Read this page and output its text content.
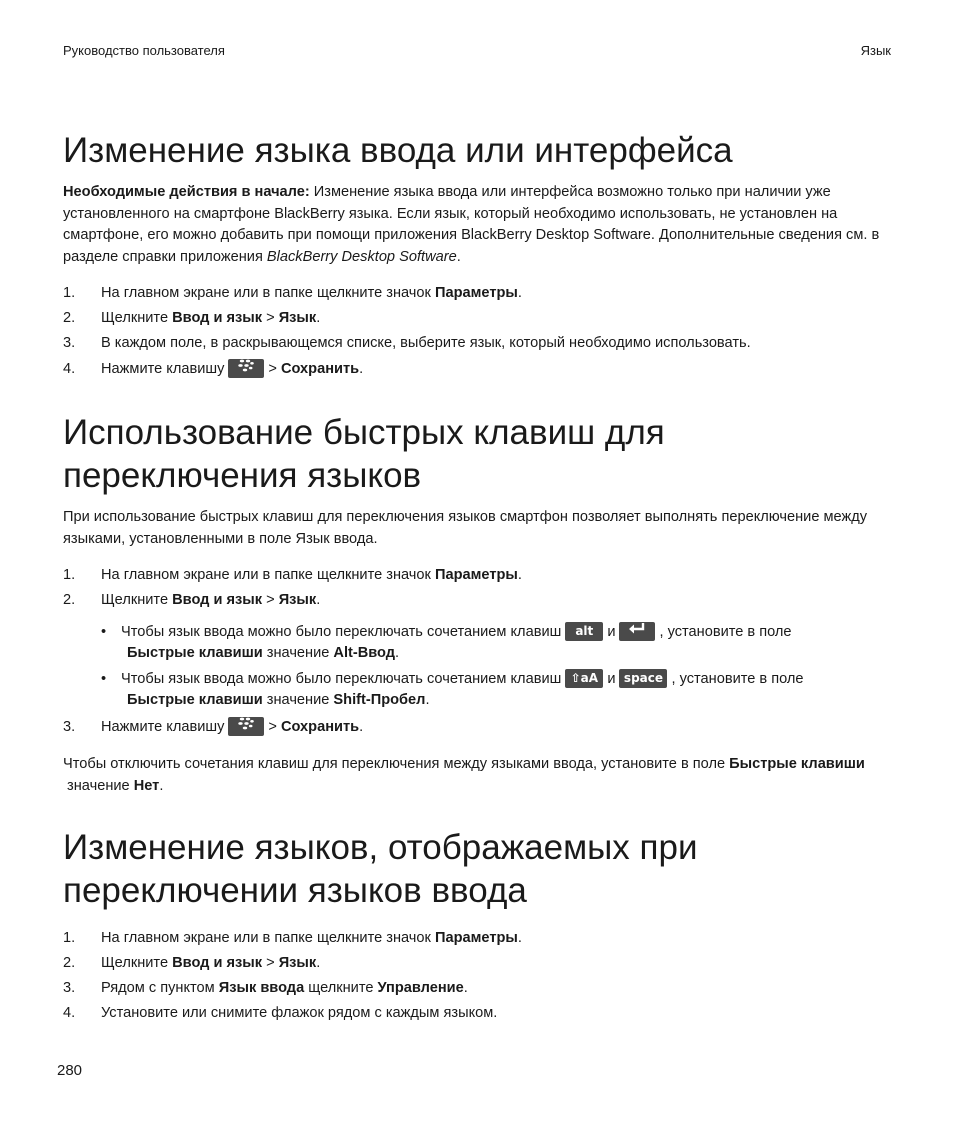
Руководство пользователя	Язык
Изменение языка ввода или интерфейса

Необходимые действия в начале: Изменение языка ввода или интерфейса возможно только при наличии уже установленного на смартфоне BlackBerry языка. Если язык, который необходимо использовать, не установлен на смартфоне, его можно добавить при помощи приложения BlackBerry Desktop Software. Дополнительные сведения см. в разделе справки приложения BlackBerry Desktop Software.

1. На главном экране или в папке щелкните значок Параметры.
2. Щелкните Ввод и язык > Язык.
3. В каждом поле, в раскрывающемся списке, выберите язык, который необходимо использовать.
4. Нажмите клавишу	> Сохранить.
Использование быстрых клавиш для
переключения языков

При использование быстрых клавиш для переключения языков смартфон позволяет выполнять переключение между языками, установленными в поле Язык ввода.

1. На главном экране или в папке щелкните значок Параметры.
2. Щелкните Ввод и язык > Язык.
• Чтобы язык ввода можно было переключать сочетанием клавиш alt и	, установите в поле
Быстрые клавиши значение Alt-Ввод.
• Чтобы язык ввода можно было переключать сочетанием клавиш ⇧aA и space , установите в поле
Быстрые клавиши значение Shift-Пробел.
3. Нажмите клавишу	> Сохранить.

Чтобы отключить сочетания клавиш для переключения между языками ввода, установите в поле Быстрые клавиши значение Нет.

Изменение языков, отображаемых при
переключении языков ввода
1. На главном экране или в папке щелкните значок Параметры.
2. Щелкните Ввод и язык > Язык.
3. Рядом с пунктом Язык ввода щелкните Управление.
4. Установите или снимите флажок рядом с каждым языком.
280
